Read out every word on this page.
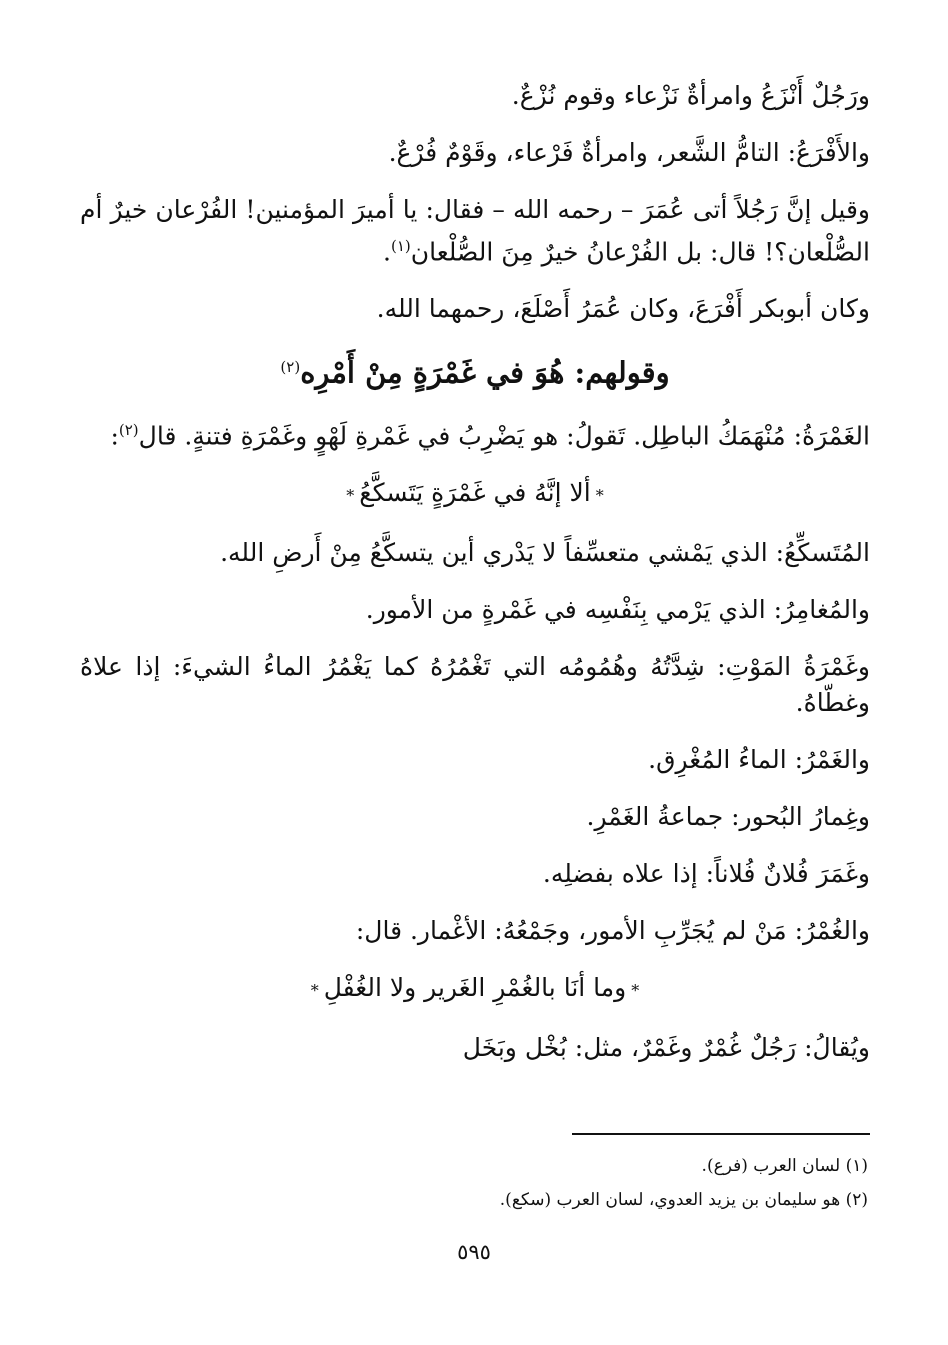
ورَجُلٌ أَنْزَعُ وامرأةٌ نَزْعاء وقوم نُزْعٌ.

والأَفْرَعُ: التامُّ الشَّعر، وامرأةٌ فَرْعاء، وقَوْمٌ فُرْعٌ.

وقيل إنَّ رَجُلاً أتى عُمَرَ – رحمه الله – فقال: يا أميرَ المؤمنين! الفُرْعان خيرٌ أم الصُّلْعان؟! قال: بل الفُرْعانُ خيرٌ مِنَ الصُّلْعان$^{(١)}$.

وكان أبوبكر أَفْرَعَ، وكان عُمَرُ أَصْلَعَ، رحمهما الله.

وقولهم: هُوَ في غَمْرَةٍ مِنْ أَمْرِه$^{(٢)}$

الغَمْرَةُ: مُنْهَمَكُ الباطِل. تَقولُ: هو يَضْرِبُ في غَمْرةِ لَهْوٍ وغَمْرَةِ فتنةٍ. قال$^{(٢)}$:

*ألا إنَّهُ في غَمْرَةٍ يَتَسكَّعُ*

المُتَسكِّعُ: الذي يَمْشي متعسِّفاً لا يَدْري أين يتسكَّعُ مِنْ أَرضِ الله.

والمُغامِرُ: الذي يَرْمي بِنَفْسِه في غَمْرةٍ من الأمور.

وغَمْرَةُ المَوْتِ: شِدَّتُهُ وهُمُومُه التي تَغْمُرُهُ كما يَغْمُرُ الماءُ الشيءَ: إذا علاهُ وغطّاهُ.

والغَمْرُ: الماءُ المُغْرِق.

وغِمارُ البُحور: جماعةُ الغَمْرِ.

وغَمَرَ فُلانٌ فُلاناً: إذا علاه بفضلِه.

والغُمْرُ: مَنْ لم يُجَرِّبِ الأمور، وجَمْعُهُ: الأغْمار. قال:

*وما أنَا بالغُمْرِ الغَرير ولا الغُفْلِ*

ويُقالُ: رَجُلٌ غُمْرٌ وغَمْرٌ، مثل: بُخْل وبَخَل

(١) لسان العرب (فرع).

(٢) هو سليمان بن يزيد العدوي، لسان العرب (سكع).

٥٩٥
